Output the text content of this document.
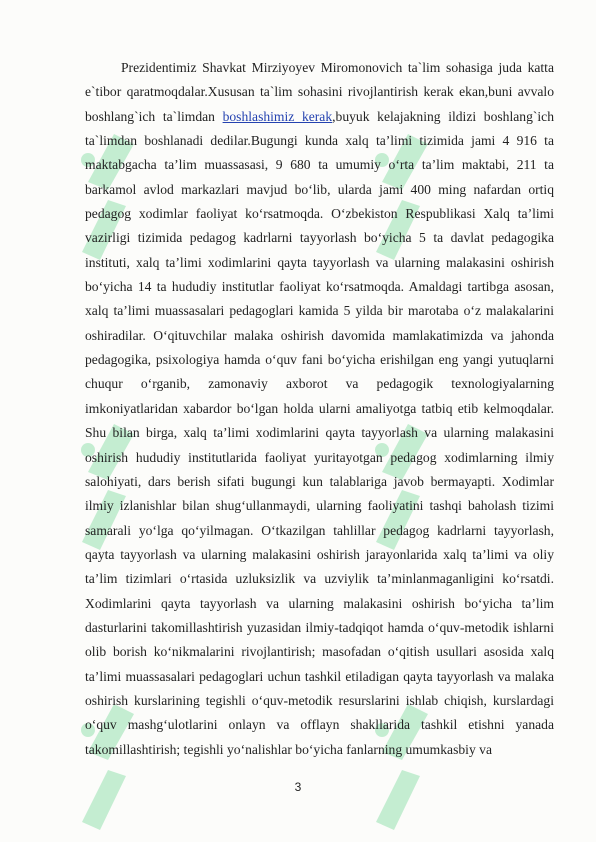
Prezidentimiz Shavkat Mirziyoyev Miromonovich ta`lim sohasiga juda katta e`tibor qaratmoqdalar.Xususan ta`lim sohasini rivojlantirish kerak ekan,buni avvalo boshlang`ich ta`limdan boshlashimiz kerak,buyuk kelajakning ildizi boshlang`ich ta`limdan boshlanadi dedilar.Bugungi kunda xalq ta’limi tizimida jami 4 916 ta maktabgacha ta’lim muassasasi, 9 680 ta umumiy oʻrta ta’lim maktabi, 211 ta barkamol avlod markazlari mavjud boʻlib, ularda jami 400 ming nafardan ortiq pedagog xodimlar faoliyat koʻrsatmoqda. Oʻzbekiston Respublikasi Xalq ta’limi vazirligi tizimida pedagog kadrlarni tayyorlash boʻyicha 5 ta davlat pedagogika instituti, xalq ta’limi xodimlarini qayta tayyorlash va ularning malakasini oshirish boʻyicha 14 ta hududiy institutlar faoliyat koʻrsatmoqda. Amaldagi tartibga asosan, xalq ta’limi muassasalari pedagoglari kamida 5 yilda bir marotaba oʻz malakalarini oshiradilar. Oʻqituvchilar malaka oshirish davomida mamlakatimizda va jahonda pedagogika, psixologiya hamda oʻquv fani boʻyicha erishilgan eng yangi yutuqlarni chuqur oʻrganib, zamonaviy axborot va pedagogik texnologiyalarning imkoniyatlaridan xabardor boʻlgan holda ularni amaliyotga tatbiq etib kelmoqdalar. Shu bilan birga, xalq ta’limi xodimlarini qayta tayyorlash va ularning malakasini oshirish hududiy institutlarida faoliyat yuritayotgan pedagog xodimlarning ilmiy salohiyati, dars berish sifati bugungi kun talablariga javob bermayapti. Xodimlar ilmiy izlanishlar bilan shugʻullanmaydi, ularning faoliyatini tashqi baholash tizimi samarali yoʻlga qoʻyilmagan. Oʻtkazilgan tahlillar pedagog kadrlarni tayyorlash, qayta tayyorlash va ularning malakasini oshirish jarayonlarida xalq ta’limi va oliy ta’lim tizimlari oʻrtasida uzluksizlik va uzviylik ta’minlanmaganligini koʻrsatdi. Xodimlarini qayta tayyorlash va ularning malakasini oshirish boʻyicha ta’lim dasturlarini takomillashtirish yuzasidan ilmiy-tadqiqot hamda oʻquv-metodik ishlarni olib borish koʻnikmalarini rivojlantirish; masofadan oʻqitish usullari asosida xalq ta’limi muassasalari pedagoglari uchun tashkil etiladigan qayta tayyorlash va malaka oshirish kurslarining tegishli oʻquv-metodik resurslarini ishlab chiqish, kurslardagi oʻquv mashgʻulotlarini onlayn va offlayn shakllarida tashkil etishni yanada takomillashtirish; tegishli yoʻnalishlar boʻyicha fanlarning umumkasbiy va

3
